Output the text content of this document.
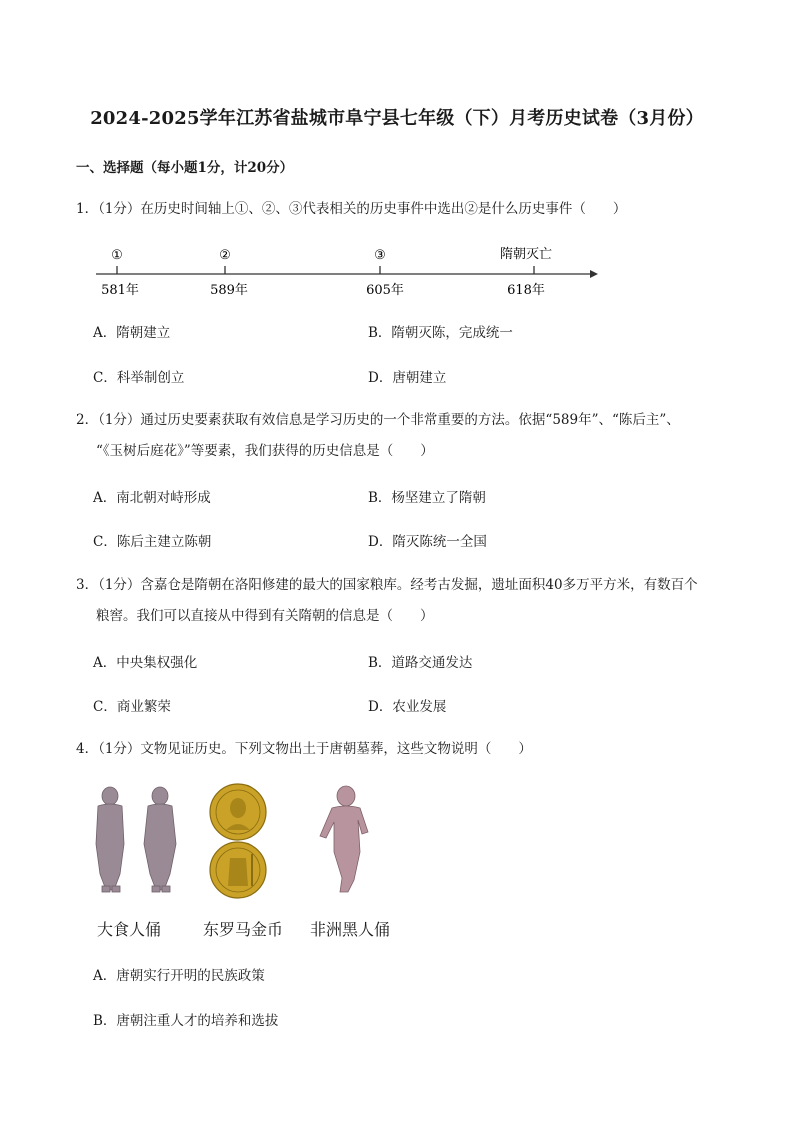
2024-2025学年江苏省盐城市阜宁县七年级（下）月考历史试卷（3月份）
一、选择题（每小题1分，计20分）
1．（1分）在历史时间轴上①、②、③代表相关的历史事件中选出②是什么历史事件（　　）
①	②	③	隋朝灭亡
581年	589年	605年	618年
A．隋朝建立	B．隋朝灭陈，完成统一
C．科举制创立	D．唐朝建立
2．（1分）通过历史要素获取有效信息是学习历史的一个非常重要的方法。依据“589年”、“陈后主”、
“《玉树后庭花》”等要素，我们获得的历史信息是（　　）
A．南北朝对峙形成	B．杨坚建立了隋朝
C．陈后主建立陈朝	D．隋灭陈统一全国
3．（1分）含嘉仓是隋朝在洛阳修建的最大的国家粮库。经考古发掘，遗址面积40多万平方米，有数百个
粮窖。我们可以直接从中得到有关隋朝的信息是（　　）
A．中央集权强化	B．道路交通发达
C．商业繁荣	D．农业发展
4．（1分）文物见证历史。下列文物出土于唐朝墓葬，这些文物说明（　　）
大食人俑	东罗马金币 非洲黑人俑
A．唐朝实行开明的民族政策
B．唐朝注重人才的培养和选拔
